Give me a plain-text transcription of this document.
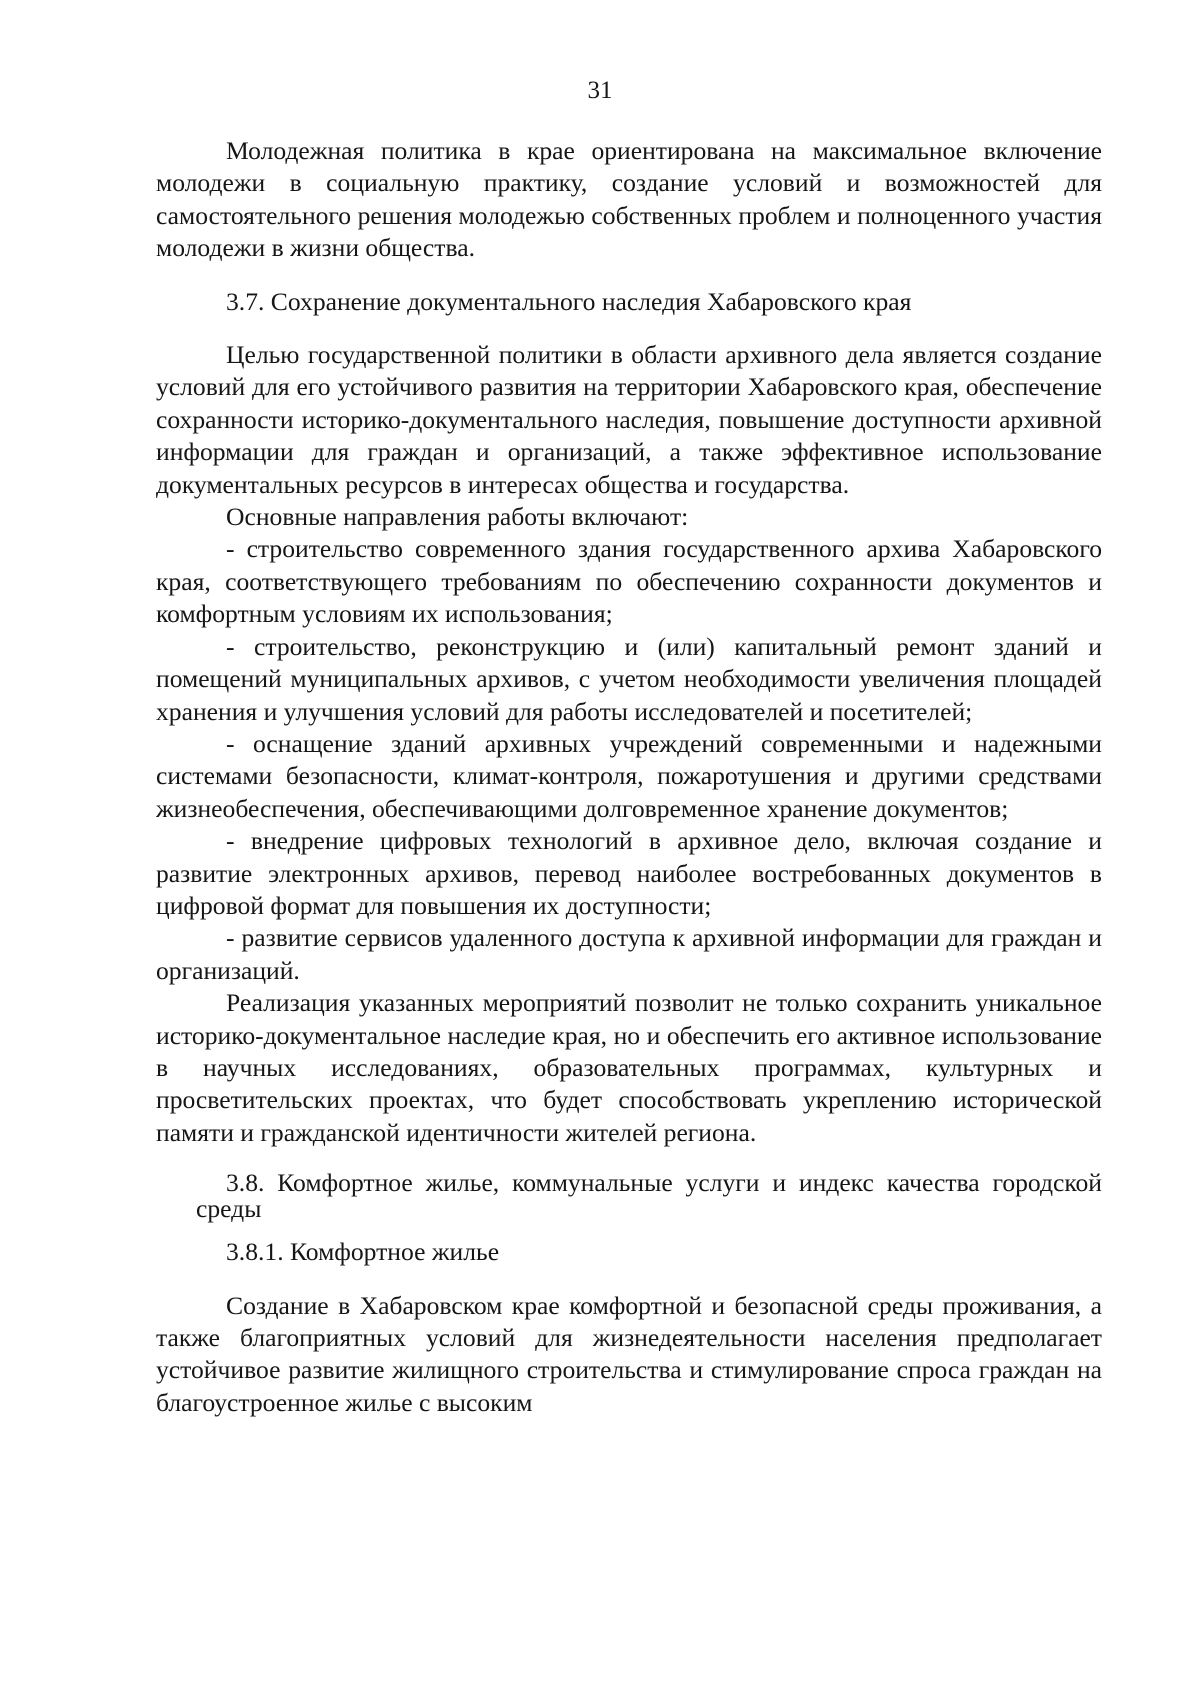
31

Молодежная политика в крае ориентирована на максимальное включение молодежи в социальную практику, создание условий и возможностей для самостоятельного решения молодежью собственных проблем и полноценного участия молодежи в жизни общества.

3.7. Сохранение документального наследия Хабаровского края

Целью государственной политики в области архивного дела является создание условий для его устойчивого развития на территории Хабаровского края, обеспечение сохранности историко-документального наследия, повышение доступности архивной информации для граждан и организаций, а также эффективное использование документальных ресурсов в интересах общества и государства.

Основные направления работы включают:

- строительство современного здания государственного архива Хабаровского края, соответствующего требованиям по обеспечению сохранности документов и комфортным условиям их использования;

- строительство, реконструкцию и (или) капитальный ремонт зданий и помещений муниципальных архивов, с учетом необходимости увеличения площадей хранения и улучшения условий для работы исследователей и посетителей;

- оснащение зданий архивных учреждений современными и надежными системами безопасности, климат-контроля, пожаротушения и другими средствами жизнеобеспечения, обеспечивающими долговременное хранение документов;

- внедрение цифровых технологий в архивное дело, включая создание и развитие электронных архивов, перевод наиболее востребованных документов в цифровой формат для повышения их доступности;

- развитие сервисов удаленного доступа к архивной информации для граждан и организаций.

Реализация указанных мероприятий позволит не только сохранить уникальное историко-документальное наследие края, но и обеспечить его активное использование в научных исследованиях, образовательных программах, культурных и просветительских проектах, что будет способствовать укреплению исторической памяти и гражданской идентичности жителей региона.

3.8. Комфортное жилье, коммунальные услуги и индекс качества городской среды

3.8.1. Комфортное жилье

Создание в Хабаровском крае комфортной и безопасной среды проживания, а также благоприятных условий для жизнедеятельности населения предполагает устойчивое развитие жилищного строительства и стимулирование спроса граждан на благоустроенное жилье с высоким
